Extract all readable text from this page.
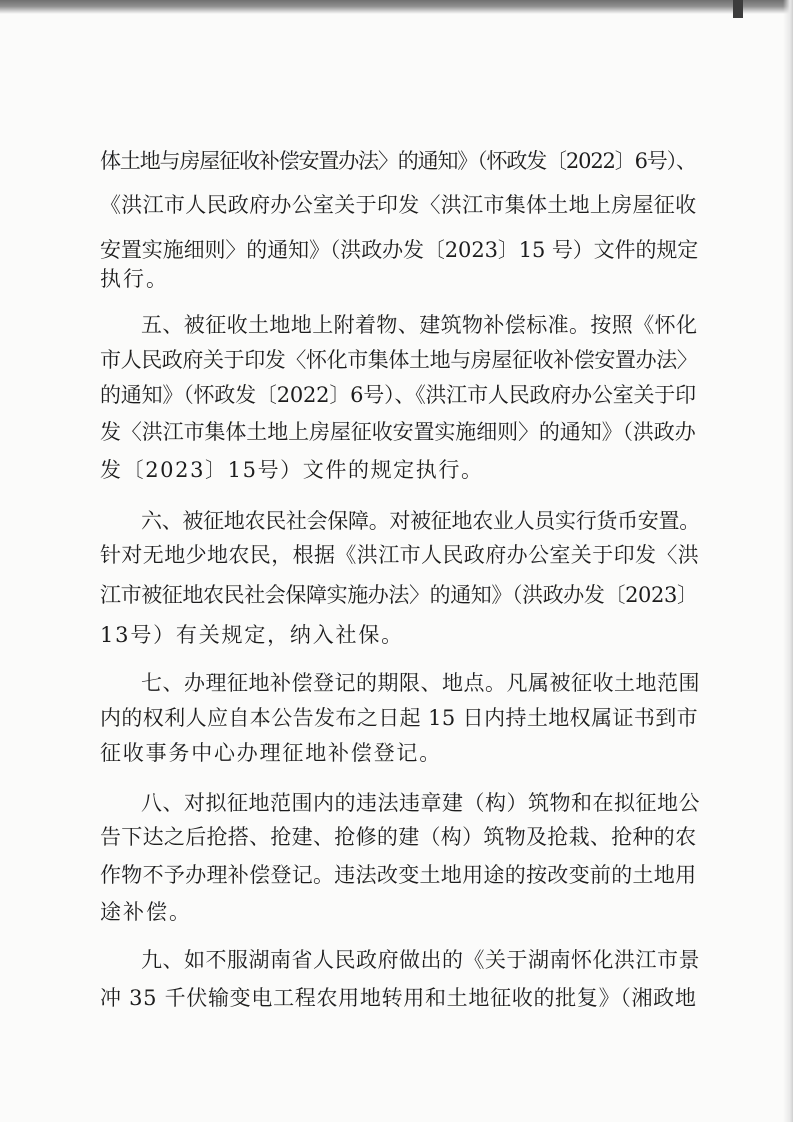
体土地与房屋征收补偿安置办法〉的通知》（怀政发〔2022〕6号）、
《洪江市人民政府办公室关于印发〈洪江市集体土地上房屋征收
安置实施细则〉的通知》（洪政办发〔2023〕15 号）文件的规定
执行。
五、被征收土地地上附着物、建筑物补偿标准。按照《怀化
市人民政府关于印发〈怀化市集体土地与房屋征收补偿安置办法〉
的通知》（怀政发〔2022〕6号）、《洪江市人民政府办公室关于印
发〈洪江市集体土地上房屋征收安置实施细则〉的通知》（洪政办
发〔2023〕15号）文件的规定执行。
六、被征地农民社会保障。对被征地农业人员实行货币安置。
针对无地少地农民，根据《洪江市人民政府办公室关于印发〈洪
江市被征地农民社会保障实施办法〉的通知》（洪政办发〔2023〕
13号）有关规定，纳入社保。
七、办理征地补偿登记的期限、地点。凡属被征收土地范围
内的权利人应自本公告发布之日起 15 日内持土地权属证书到市
征收事务中心办理征地补偿登记。
八、对拟征地范围内的违法违章建（构）筑物和在拟征地公
告下达之后抢搭、抢建、抢修的建（构）筑物及抢栽、抢种的农
作物不予办理补偿登记。违法改变土地用途的按改变前的土地用
途补偿。
九、如不服湖南省人民政府做出的《关于湖南怀化洪江市景
冲 35 千伏输变电工程农用地转用和土地征收的批复》（湘政地
